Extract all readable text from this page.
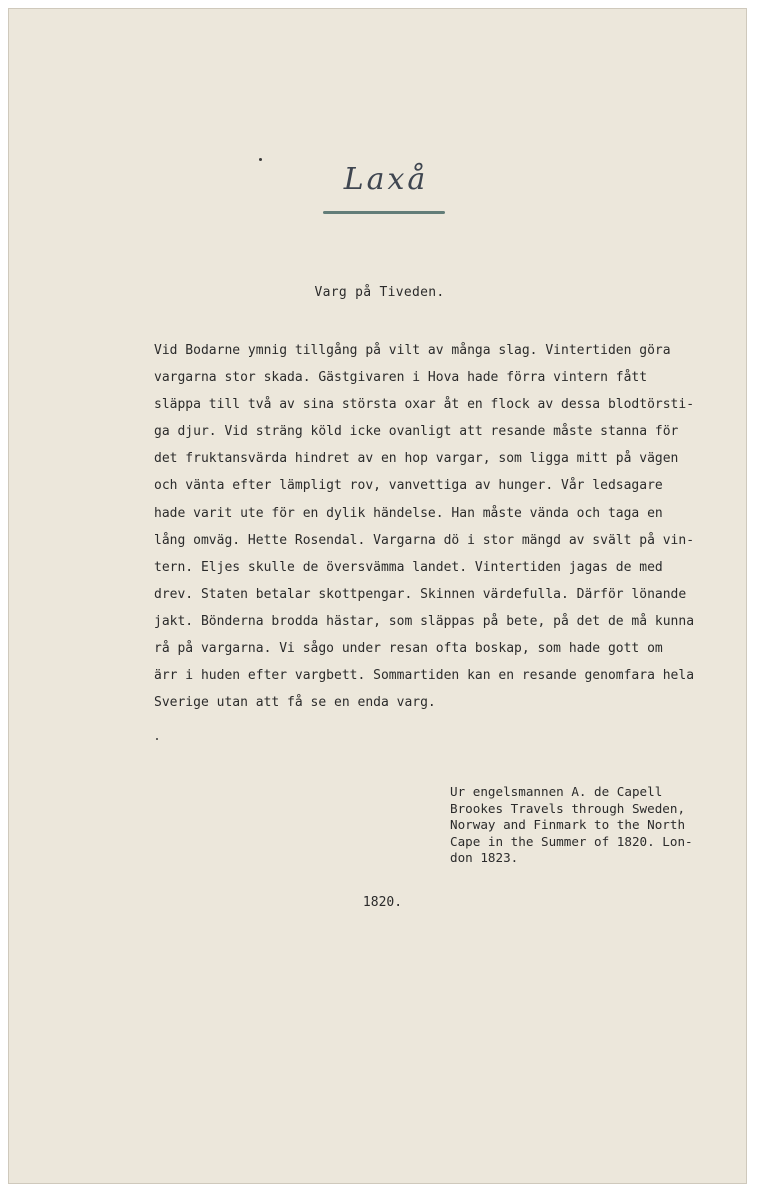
Laxå
Varg på Tiveden.
Vid Bodarne ymnig tillgång på vilt av många slag. Vintertiden göra
vargarna stor skada. Gästgivaren i Hova hade förra vintern fått
släppa till två av sina största oxar åt en flock av dessa blodtörsti-
ga djur. Vid sträng köld icke ovanligt att resande måste stanna för
det fruktansvärda hindret av en hop vargar, som ligga mitt på vägen
och vänta efter lämpligt rov, vanvettiga av hunger. Vår ledsagare
hade varit ute för en dylik händelse. Han måste vända och taga en
lång omväg. Hette Rosendal. Vargarna dö i stor mängd av svält på vin-
tern. Eljes skulle de översvämma landet. Vintertiden jagas de med
drev. Staten betalar skottpengar. Skinnen värdefulla. Därför lönande
jakt. Bönderna brodda hästar, som släppas på bete, på det de må kunna
rå på vargarna. Vi sågo under resan ofta boskap, som hade gott om
ärr i huden efter vargbett. Sommartiden kan en resande genomfara hela
Sverige utan att få se en enda varg.
Ur engelsmannen A. de Capell
Brookes Travels through Sweden,
Norway and Finmark to the North
Cape in the Summer of 1820. Lon-
don 1823.
1820.
